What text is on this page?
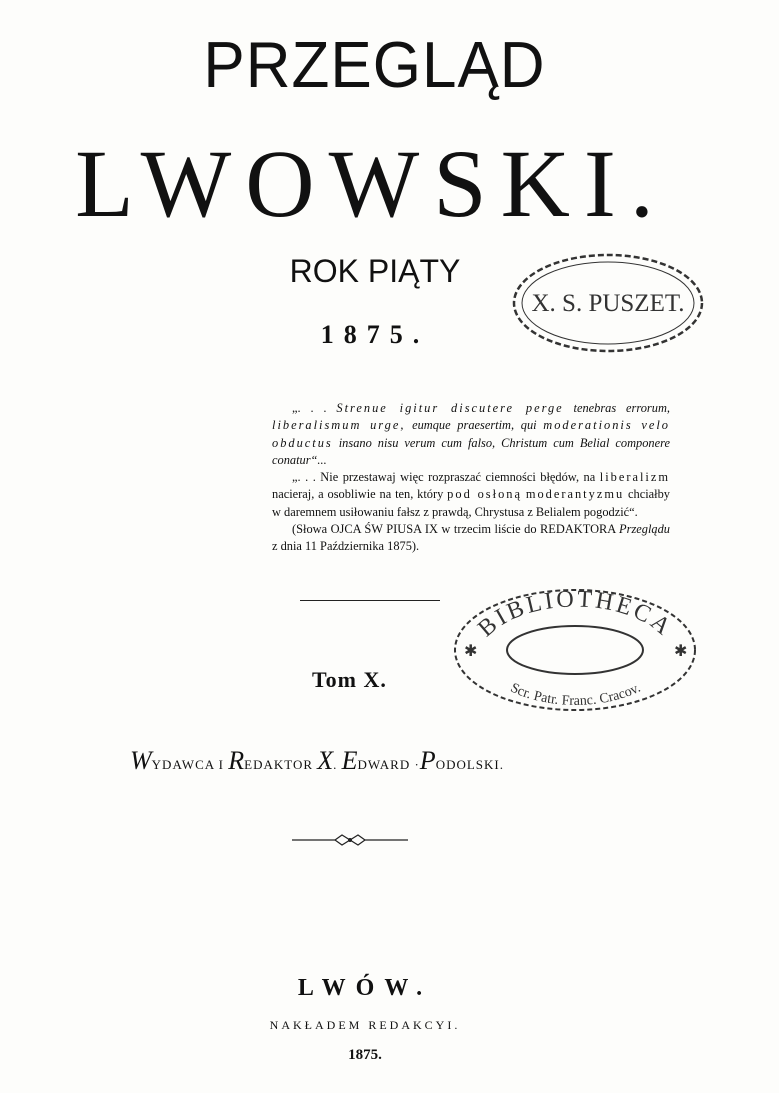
PRZEGLĄD
LWOWSKI.
ROK PIĄTY
1875.
X. S. PUSZET.

„. . . Strenue igitur discutere perge tenebras errorum, liberalismum urge, eumque praesertim, qui moderationis velo obductus insano nisu verum cum falso, Christum cum Belial componere conatur“...

„. . . Nie przestawaj więc rozpraszać ciemności błędów, na liberalizm nacieraj, a osobliwie na ten, który pod osłoną moderantyzmu chciałby w daremnem usiłowaniu fałsz z prawdą, Chrystusa z Belialem pogodzić“.

(Słowa OJCA ŚW PIUSA IX w trzecim liście do REDAKTORA Przeglądu z dnia 11 Października 1875).

BIBLIOTHECA
Scr. Patr. Franc. Cracov.
✱	✱
Tom X.
WYDAWCA I REDAKTOR X. EDWARD ·PODOLSKI.
LWÓW.
NAKŁADEM REDAKCYI.
1875.
